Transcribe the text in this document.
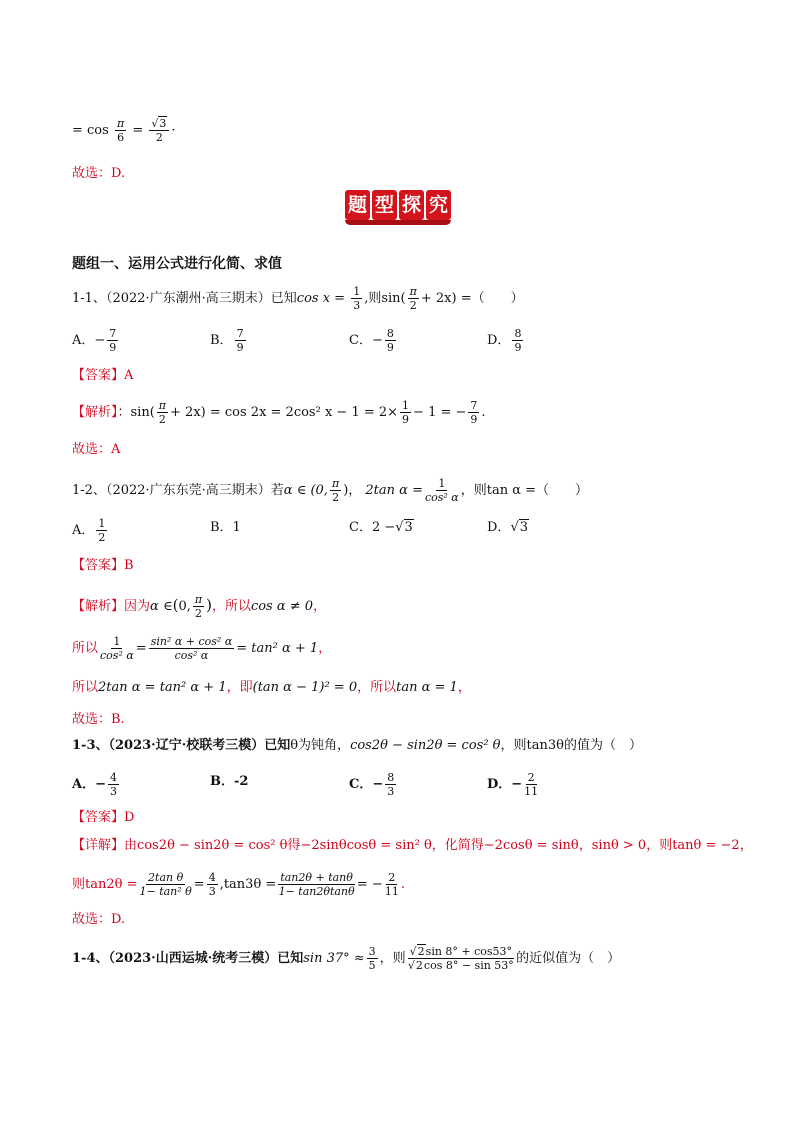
= $\cos \frac{\pi}{6} = \frac{√3}{2}$ ·
故选：D.
题 型 探 究
题组一、运用公式进行化简、求值
1-1、（2022·广东潮州·高三期末）已知$\cos x = \frac{1}{3}$ ,则$\sin( \frac{\pi}{2} + 2x)$ =（　　）
A．− $\frac{7}{9}$	B． $\frac{7}{9}$	C．− $\frac{8}{9}$	D． $\frac{8}{9}$
【答案】A
【解析】：$\sin( \frac{\pi}{2} + 2x) = \cos 2x = 2\cos^2$ $x - 1 = 2\times \frac{1}{9} - 1$ = − $\frac{7}{9}$ .
故选：A
1-2、（2022·广东东莞·高三期末）若α ∈ (0, $\frac{\pi}{2}$ )， 2tan $\alpha = \frac{1}{\text{cos² α}}$ ，则tan α =（　　）
A． $\frac{1}{2}$	B．1	C．2 −√3	D．√3
【答案】B
【解析】因为α ∈(0, $\frac{\pi}{2}$ )，所以cos α ≠ 0，
所以 $\frac{1}{\text{cos² α}} = \frac{\text{sin² α + cos² α}}{\text{cos² α}} = \tan^2$ α + 1，
所以2tan α = tan² α + 1，即(tan α − 1)² = 0，所以tan α = 1，
故选：B.
1-3、（2023·辽宁·校联考三模）已知θ为钝角，cos2θ − sin2θ = cos² θ，则tan3θ的值为（　）
A．− $\frac{4}{3}$	B．-2	C．− $\frac{8}{3}$	D．− $\frac{2}{11}$
【答案】D
【详解】由cos2θ − sin2θ = cos² θ得−2sinθcosθ = sin² θ，化简得−2cosθ = sinθ，sinθ > 0，则tanθ = −2，
则$\tan 2\theta = \frac{\text{2tan θ}}{\text{1− tan² θ}} = \frac{4}{3} ,\tan 3\theta = \frac{\tan 2\theta + \tan\theta}{1- \tan 2\theta\tan\theta}$ = − $\frac{2}{11}$ .
故选：D.
1-4、（2023·山西运城·统考三模）已知$\sin 37^\circ \approx \frac{3}{5}$ ，则 $\frac{√2\sin 8^\circ + \cos 53^\circ}{√2\cos 8^\circ - \sin 53^\circ}$ 的近似值为（　）
